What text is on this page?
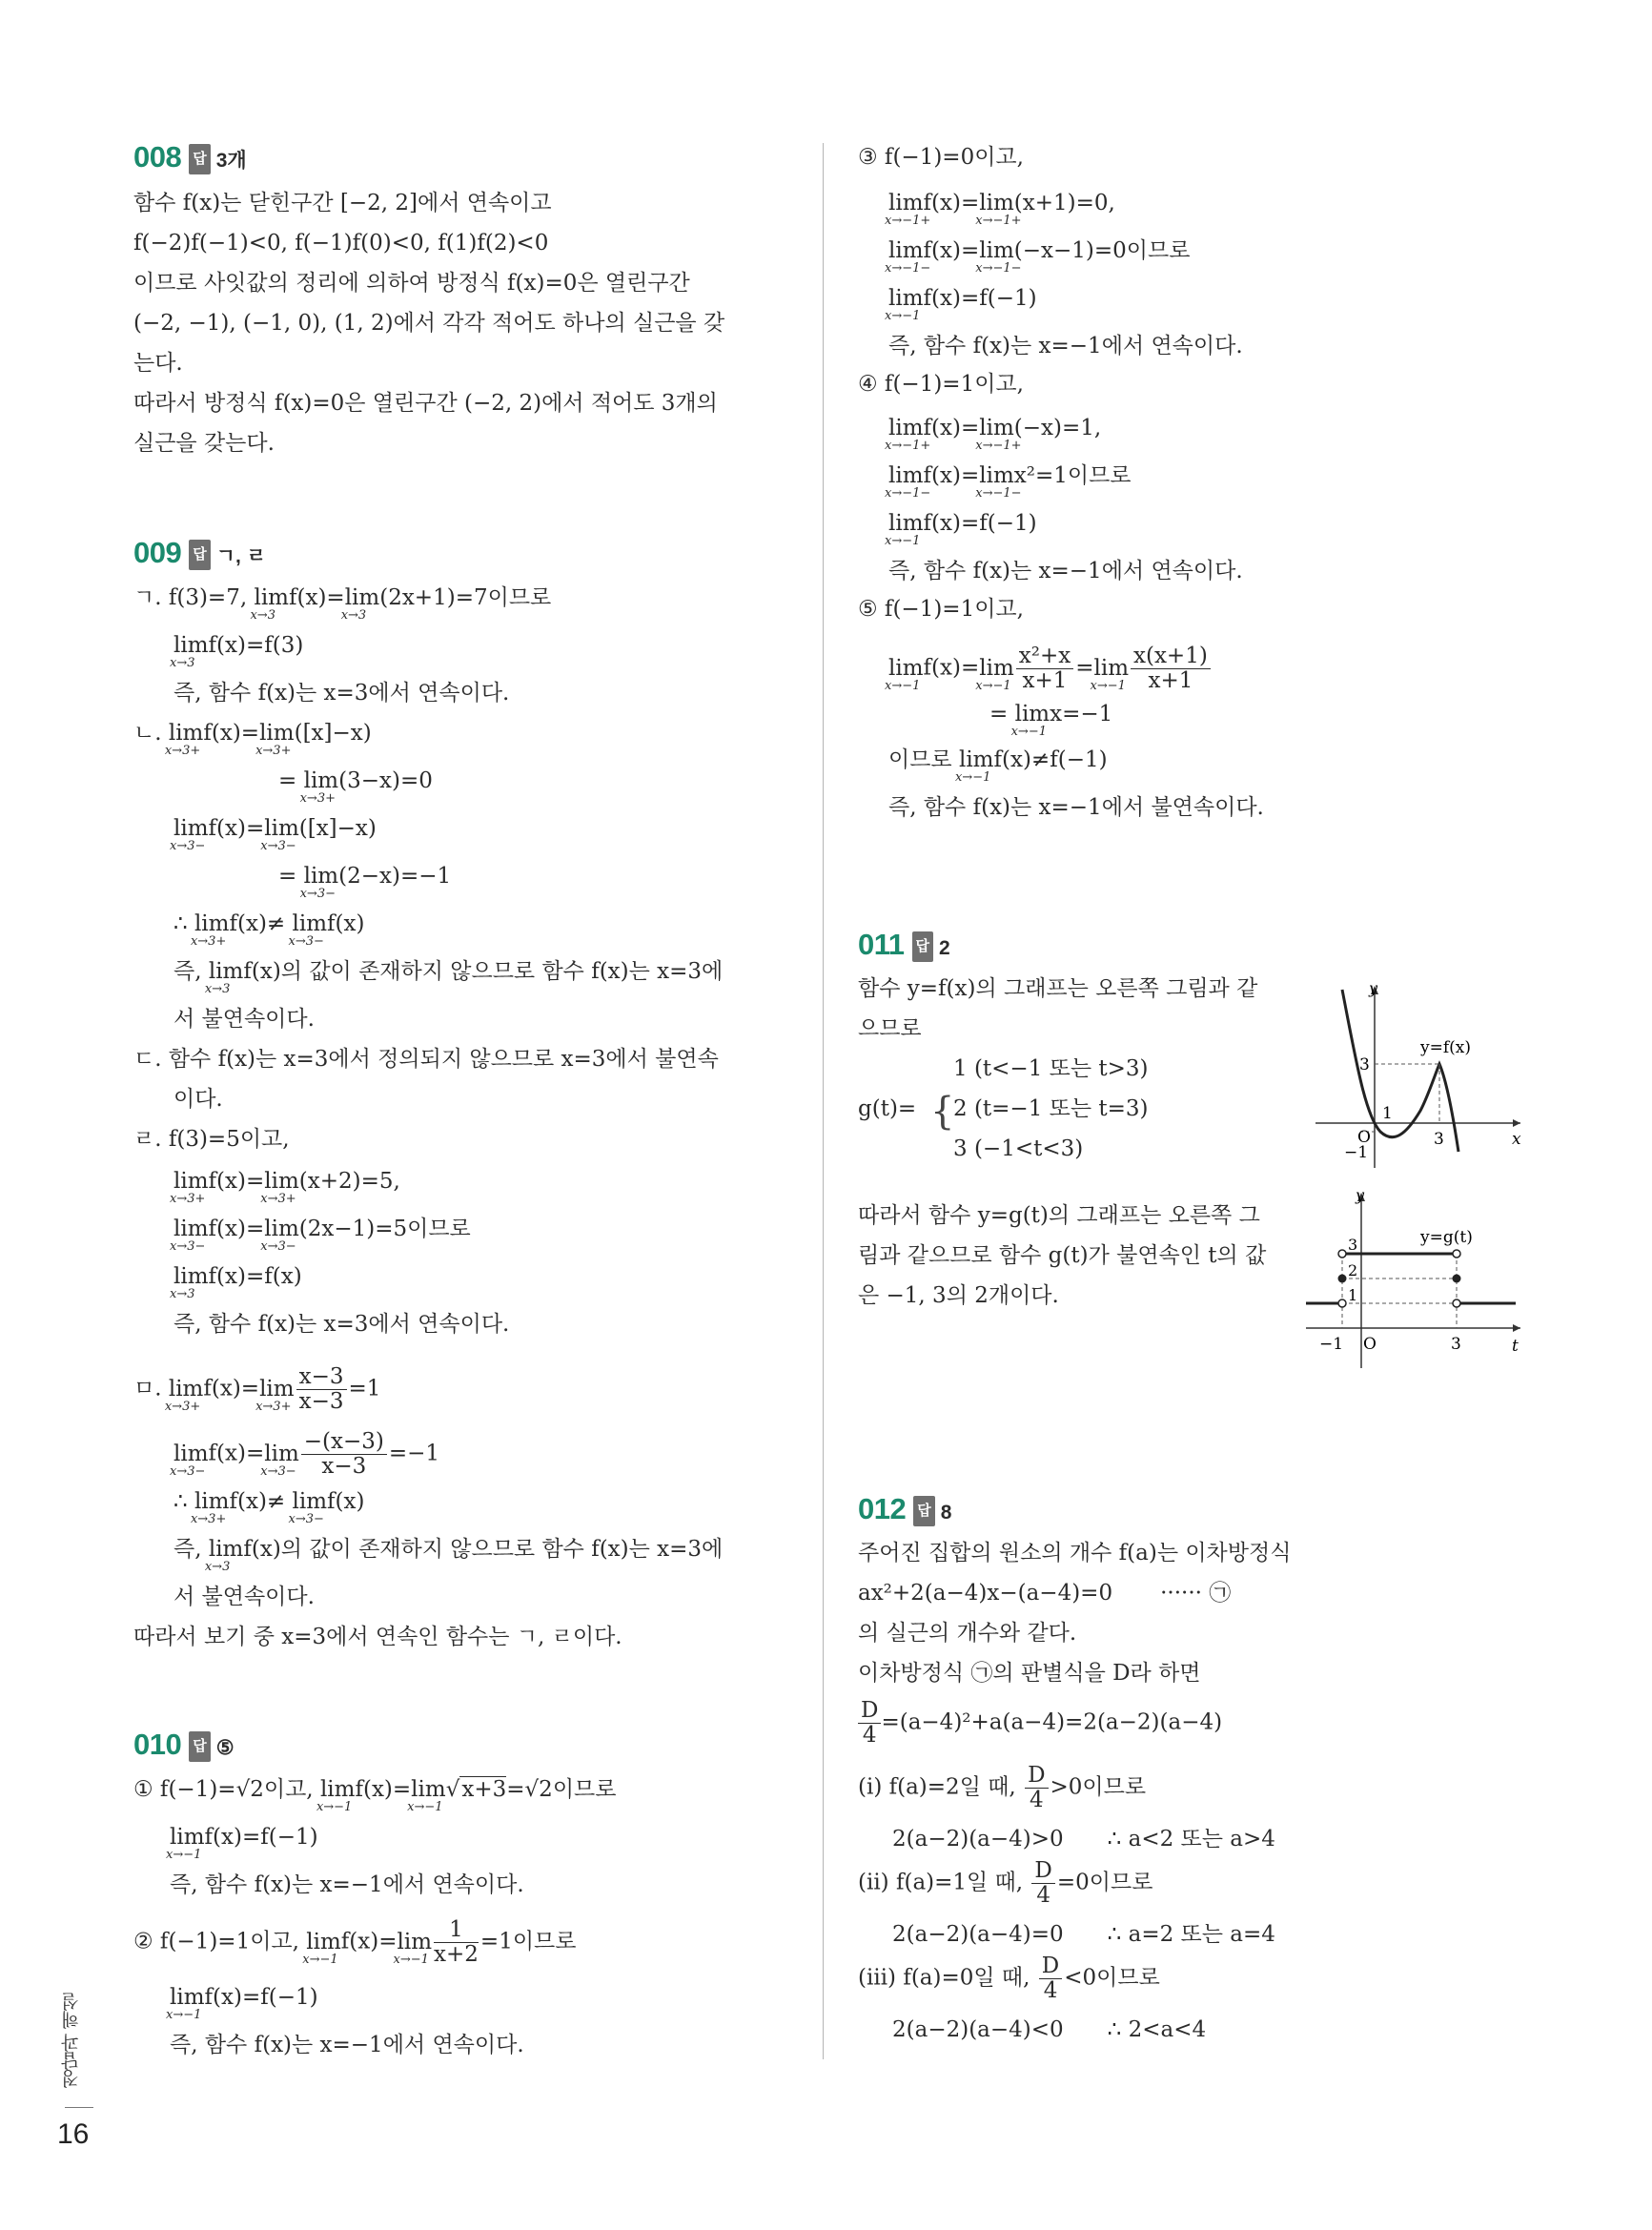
008 답 3개
함수 f(x)는 닫힌구간 [−2, 2]에서 연속이고
f(−2)f(−1)<0, f(−1)f(0)<0, f(1)f(2)<0
이므로 사잇값의 정리에 의하여 방정식 f(x)=0은 열린구간
(−2, −1), (−1, 0), (1, 2)에서 각각 적어도 하나의 실근을 갖
는다.
따라서 방정식 f(x)=0은 열린구간 (−2, 2)에서 적어도 3개의
실근을 갖는다.
009 답 ㄱ, ㄹ
ㄱ. f(3)=7, lim
x→3
f(x)=lim
x→3
(2x+1)=7이므로
lim
x→3
f(x)=f(3)
즉, 함수 f(x)는 x=3에서 연속이다.
ㄴ. lim
x→3+
f(x)=lim
x→3+
([x]−x)
= lim
x→3+
(3−x)=0
lim
x→3−
f(x)=lim
x→3−
([x]−x)
= lim
x→3−
(2−x)=−1
∴ lim
x→3+
f(x)≠ lim
x→3−
f(x)
즉, lim
x→3
f(x)의 값이 존재하지 않으므로 함수 f(x)는 x=3에
서 불연속이다.
ㄷ. 함수 f(x)는 x=3에서 정의되지 않으므로 x=3에서 불연속
이다.
ㄹ. f(3)=5이고,
lim
x→3+
f(x)=lim
x→3+
(x+2)=5,
lim
x→3−
f(x)=lim
x→3−
(2x−1)=5이므로
lim
x→3
f(x)=f(x)
즉, 함수 f(x)는 x=3에서 연속이다.
ㅁ. lim
x→3+
f(x)=lim
$x\to 3+ \frac{x-3}{x-3} =1$
lim
x→3−
f(x)=lim
$x\to 3- \frac{-(x-3)}{x-3} =-1$
∴ lim
x→3+
f(x)≠ lim
x→3−
f(x)
즉, lim
x→3
f(x)의 값이 존재하지 않으므로 함수 f(x)는 x=3에
서 불연속이다.
따라서 보기 중 x=3에서 연속인 함수는 ㄱ, ㄹ이다.
010 답 ⑤
① f(−1)=√2이고, lim
x→−1
f(x)=lim
x→−1
√x+3=√2이므로
lim
x→−1
f(x)=f(−1)
즉, 함수 f(x)는 x=−1에서 연속이다.
② f(−1)=1이고, lim
x→−1
f(x)=lim
$x\to-1 \frac{1}{x+2} =1$이므로
lim
x→−1
f(x)=f(−1)
즉, 함수 f(x)는 x=−1에서 연속이다.
③ f(−1)=0이고,
lim
x→−1+
f(x)=lim
x→−1+
(x+1)=0,
lim
x→−1−
f(x)=lim
x→−1−
(−x−1)=0이므로
lim
x→−1
f(x)=f(−1)
즉, 함수 f(x)는 x=−1에서 연속이다.
④ f(−1)=1이고,
lim
x→−1+
f(x)=lim
x→−1+
(−x)=1,
lim
x→−1−
f(x)=lim
x→−1−
x²=1이므로
lim
x→−1
f(x)=f(−1)
즉, 함수 f(x)는 x=−1에서 연속이다.
⑤ f(−1)=1이고,
lim
x→−1
f(x)=lim
$x\to-1 \frac{\text{x²+x}}{x+1} =\lim$
$x\to-1 \frac{x(x+1)}{x+1}$
= lim
x→−1
x=−1
이므로 lim
x→−1
f(x)≠f(−1)
즉, 함수 f(x)는 x=−1에서 불연속이다.
011 답 2
함수 y=f(x)의 그래프는 오른쪽 그림과 같
으므로
g(t)= {
1 (t<−1 또는 t>3)
2 (t=−1 또는 t=3)
3 (−1<t<3)
따라서 함수 y=g(t)의 그래프는 오른쪽 그
림과 같으므로 함수 g(t)가 불연속인 t의 값
은 −1, 3의 2개이다.
y
x
O
y=f(x)
3
1
3
−1
y
t
O
y=g(t)
3
2
1
3
−1
012 답 8
주어진 집합의 원소의 개수 f(a)는 이차방정식
ax²+2(a−4)x−(a−4)=0 ······ ㉠
의 실근의 개수와 같다.
이차방정식 ㉠의 판별식을 D라 하면
$\frac{D}{4} =(a-4)^2+a(a-4)=2(a-2)(a-4)$
(ⅰ) f(a)=2일 때, $\frac{D}{4} >0$이므로
2(a−2)(a−4)>0 ∴ a<2 또는 a>4
(ⅱ) f(a)=1일 때, $\frac{D}{4} =0$이므로
2(a−2)(a−4)=0 ∴ a=2 또는 a=4
(ⅲ) f(a)=0일 때, $\frac{D}{4} <0$이므로
2(a−2)(a−4)<0 ∴ 2<a<4
정답과 해설
16
